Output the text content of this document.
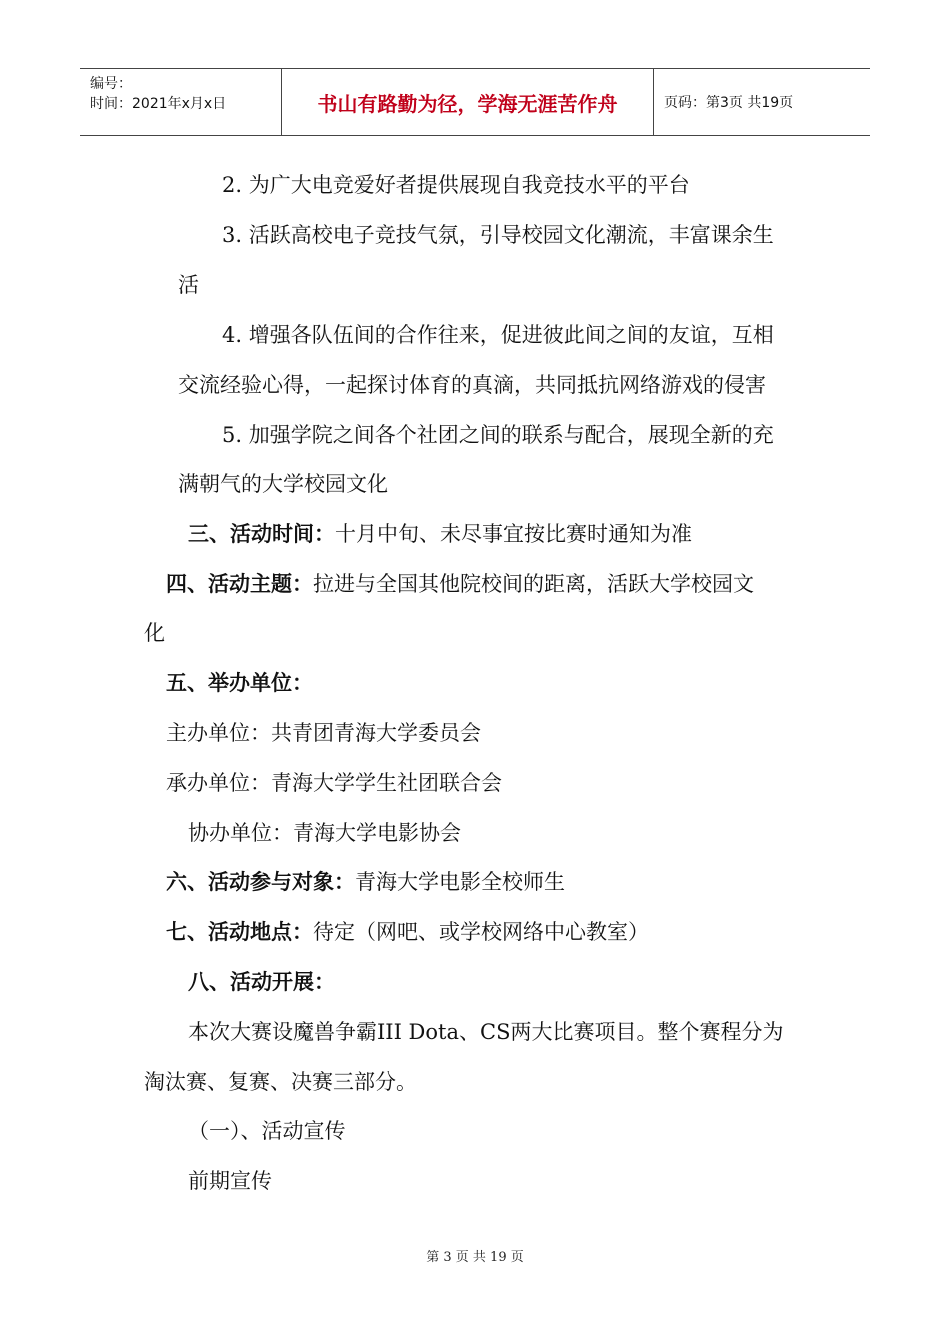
编号：
时间：2021年x月x日	书山有路勤为径，学海无涯苦作舟	页码：第3页 共19页
2. 为广大电竞爱好者提供展现自我竞技水平的平台
3. 活跃高校电子竞技气氛，引导校园文化潮流，丰富课余生
活
4. 增强各队伍间的合作往来，促进彼此间之间的友谊，互相
交流经验心得，一起探讨体育的真滴，共同抵抗网络游戏的侵害
5. 加强学院之间各个社团之间的联系与配合，展现全新的充
满朝气的大学校园文化
三、活动时间：十月中旬、未尽事宜按比赛时通知为准
四、活动主题：拉进与全国其他院校间的距离，活跃大学校园文
化
五、举办单位：
主办单位：共青团青海大学委员会
承办单位：青海大学学生社团联合会
协办单位：青海大学电影协会
六、活动参与对象：青海大学电影全校师生
七、活动地点：待定（网吧、或学校网络中心教室）
八、活动开展：
本次大赛设魔兽争霸III Dota、CS两大比赛项目。整个赛程分为
淘汰赛、复赛、决赛三部分。
（一）、活动宣传
前期宣传
第 3 页 共 19 页
